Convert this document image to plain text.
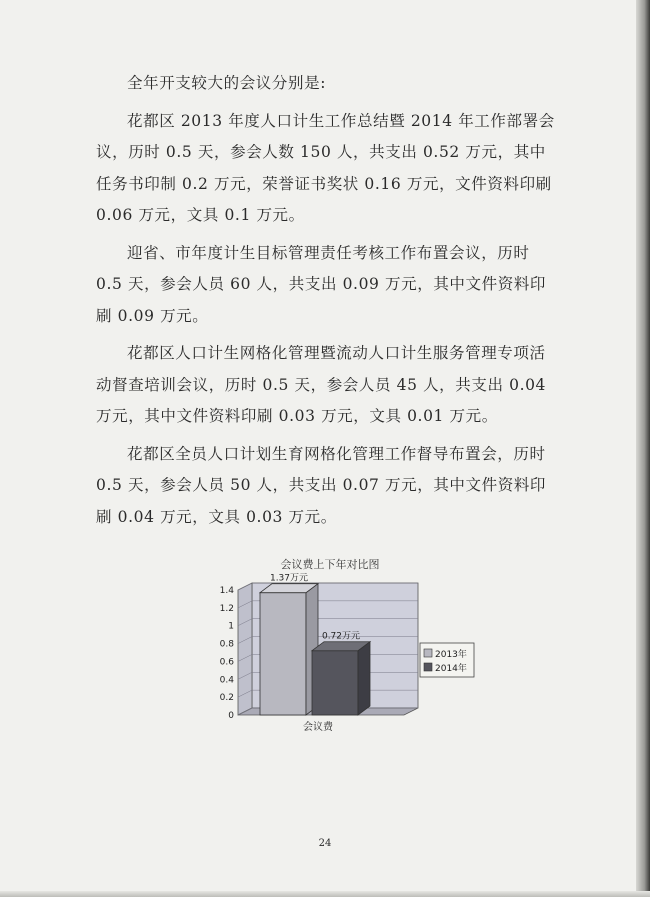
全年开支较大的会议分别是:

花都区 2013 年度人口计生工作总结暨 2014 年工作部署会议，历时 0.5 天，参会人数 150 人，共支出 0.52 万元，其中任务书印制 0.2 万元，荣誉证书奖状 0.16 万元，文件资料印刷 0.06 万元，文具 0.1 万元。

迎省、市年度计生目标管理责任考核工作布置会议，历时 0.5 天，参会人员 60 人，共支出 0.09 万元，其中文件资料印刷 0.09 万元。

花都区人口计生网格化管理暨流动人口计生服务管理专项活动督查培训会议，历时 0.5 天，参会人员 45 人，共支出 0.04 万元，其中文件资料印刷 0.03 万元，文具 0.01 万元。

花都区全员人口计划生育网格化管理工作督导布置会，历时 0.5 天，参会人员 50 人，共支出 0.07 万元，其中文件资料印刷 0.04 万元，文具 0.03 万元。

会议费上下年对比图
0
0.2
0.4
0.6
0.8
1
1.2
1.4
1.37万元
0.72万元
会议费
2013年
2014年
24
